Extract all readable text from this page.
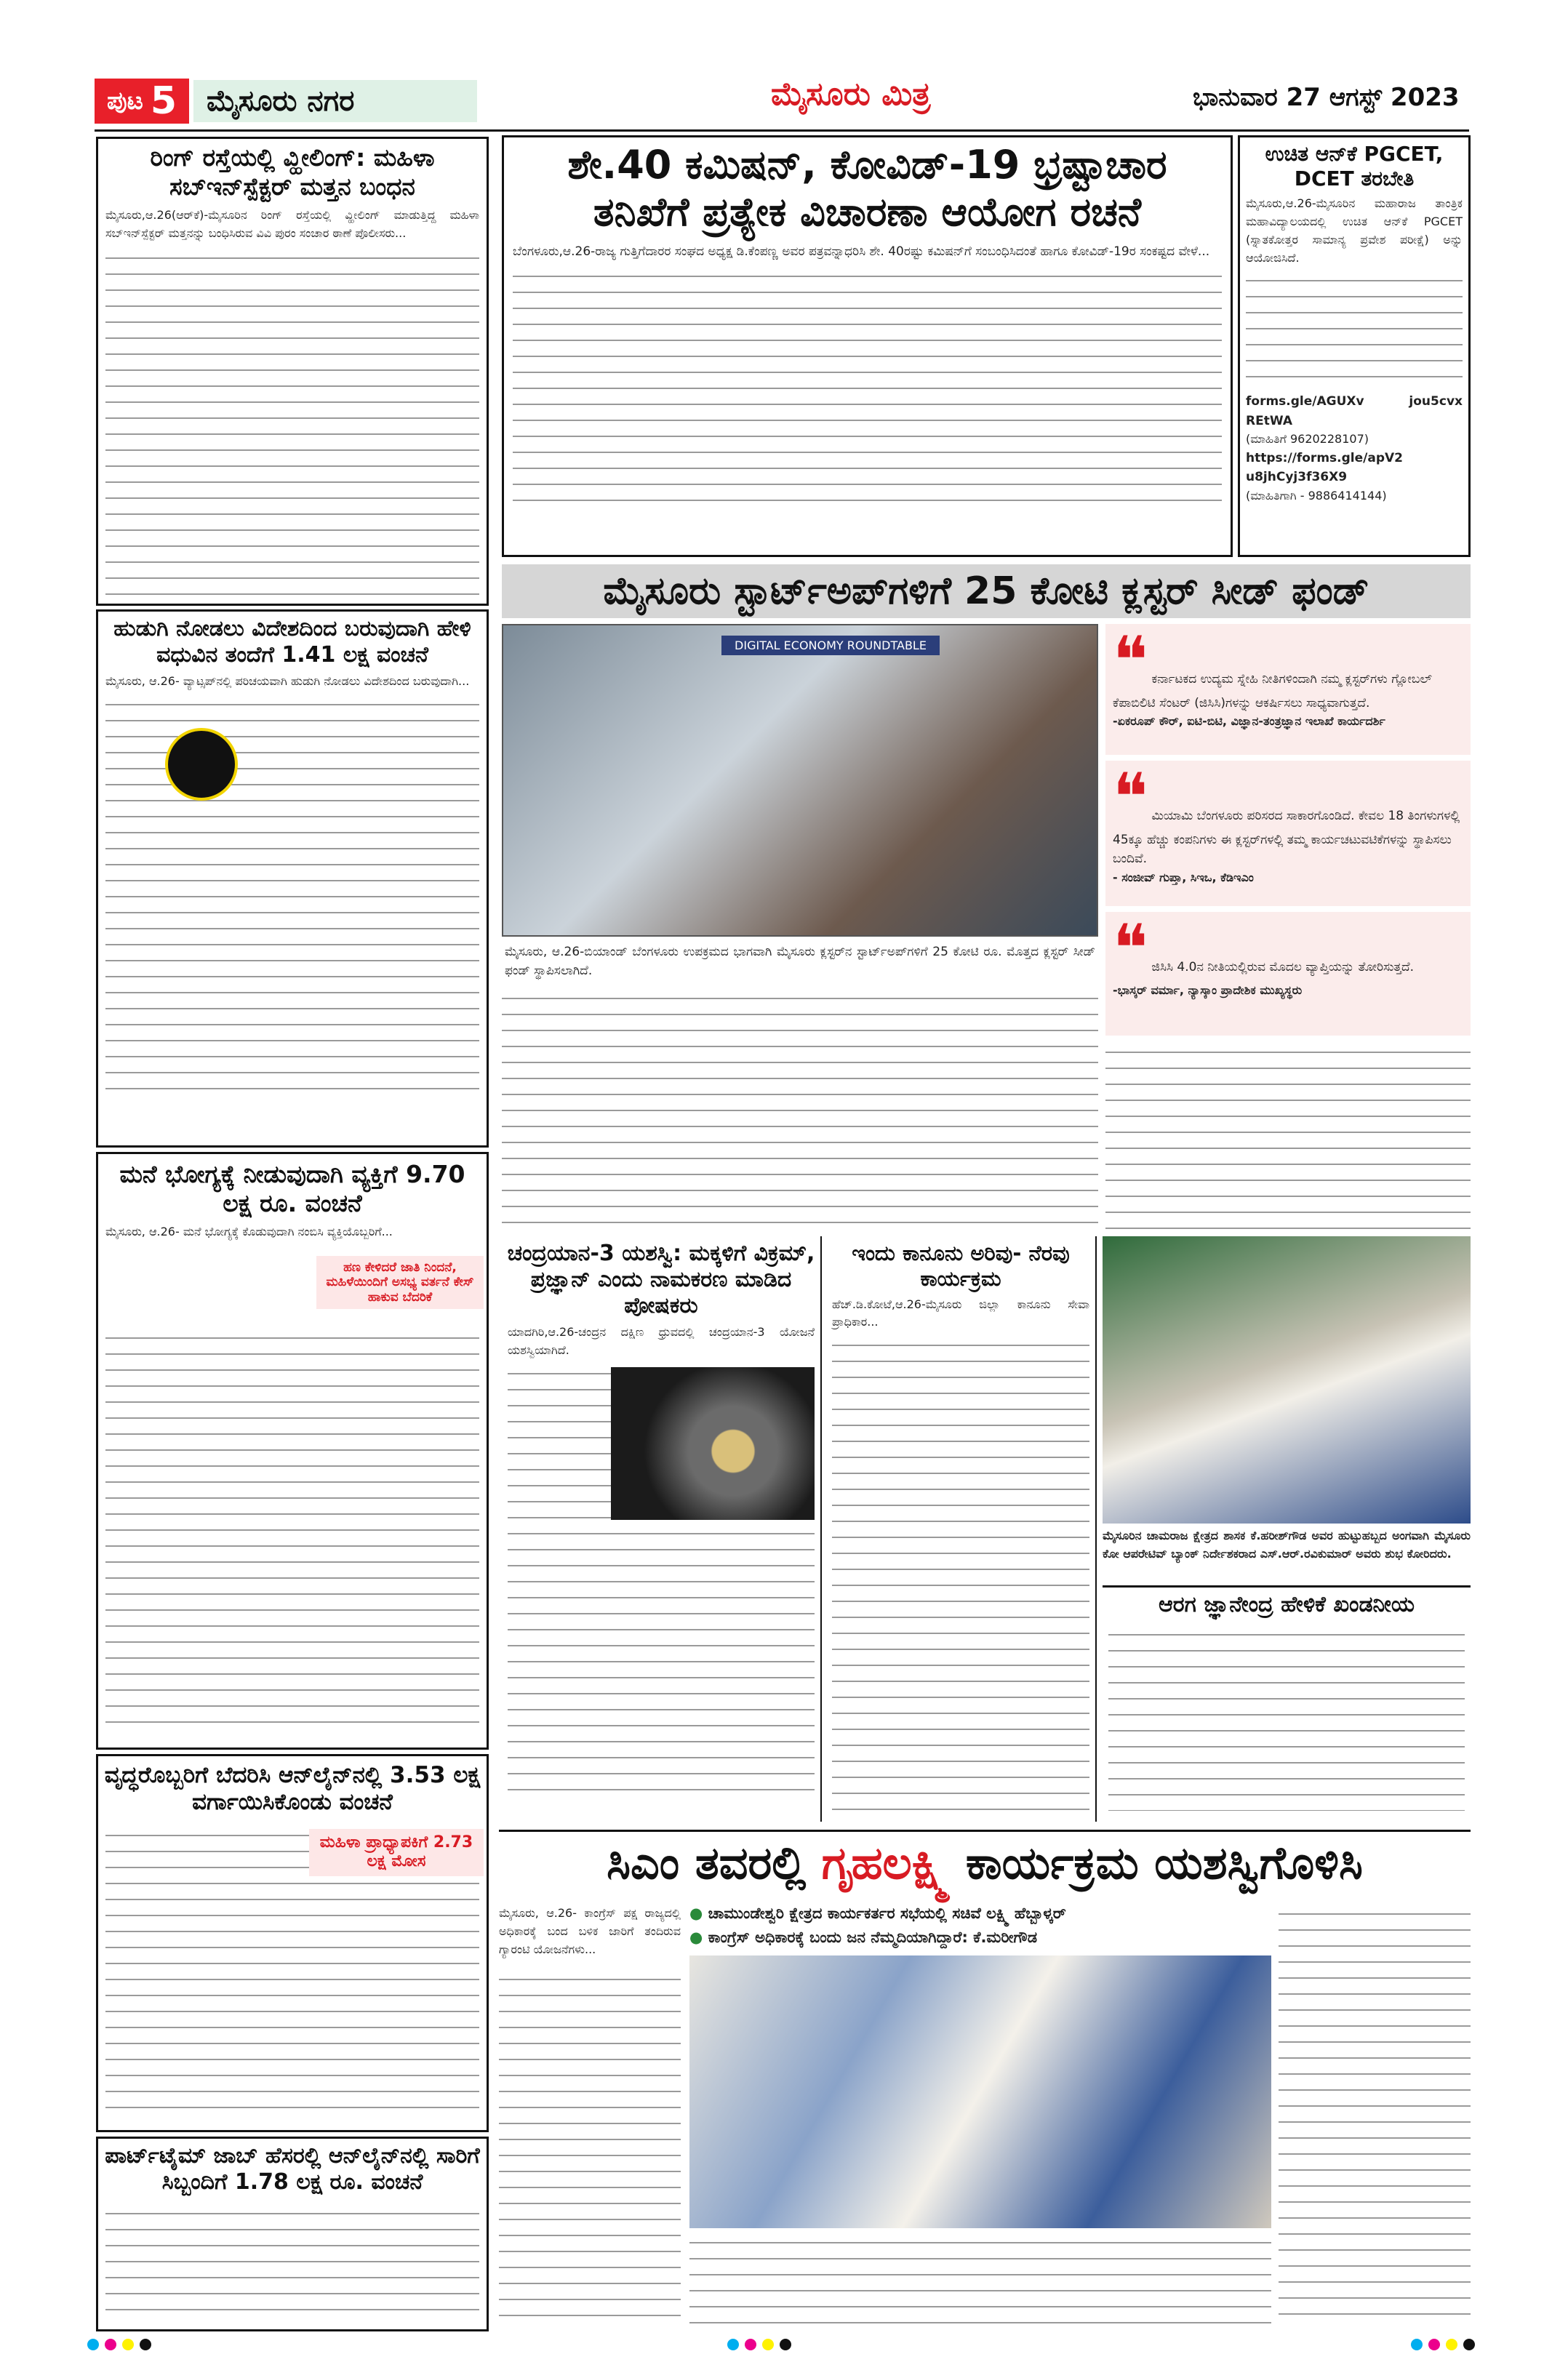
ಪುಟ 5	ಮೈಸೂರು ನಗರ	ಮೈಸೂರು ಮಿತ್ರ	ಭಾನುವಾರ 27 ಆಗಸ್ಟ್ 2023
ರಿಂಗ್ ರಸ್ತೆಯಲ್ಲಿ ವ್ಹೀಲಿಂಗ್: ಮಹಿಳಾ ಸಬ್‌ಇನ್‌ಸ್ಪೆಕ್ಟರ್ ಮತ್ತನ ಬಂಧನ
ಮೈಸೂರು,ಆ.26(ಆರ್‌ಕೆ)-ಮೈಸೂರಿನ ರಿಂಗ್ ರಸ್ತೆಯಲ್ಲಿ ವ್ಹೀಲಿಂಗ್ ಮಾಡುತ್ತಿದ್ದ ಮಹಿಳಾ ಸಬ್‌ಇನ್‌ಸ್ಪೆಕ್ಟರ್ ಮತ್ತನನ್ನು ಬಂಧಿಸಿರುವ ವಿವಿ ಪುರಂ ಸಂಚಾರ ಠಾಣೆ ಪೊಲೀಸರು...
ಹುಡುಗಿ ನೋಡಲು ವಿದೇಶದಿಂದ ಬರುವುದಾಗಿ ಹೇಳಿ ವಧುವಿನ ತಂದೆಗೆ 1.41 ಲಕ್ಷ ವಂಚನೆ
ಮೈಸೂರು, ಆ.26- ವ್ಯಾಟ್ಸಪ್‌ನಲ್ಲಿ ಪರಿಚಯವಾಗಿ ಹುಡುಗಿ ನೋಡಲು ವಿದೇಶದಿಂದ ಬರುವುದಾಗಿ...
ಮನೆ ಭೋಗ್ಯಕ್ಕೆ ನೀಡುವುದಾಗಿ ವ್ಯಕ್ತಿಗೆ 9.70 ಲಕ್ಷ ರೂ. ವಂಚನೆ
ಮೈಸೂರು, ಆ.26- ಮನೆ ಭೋಗ್ಯಕ್ಕೆ ಕೊಡುವುದಾಗಿ ನಂಬಿಸಿ ವ್ಯಕ್ತಿಯೊಬ್ಬರಿಗೆ...
ಹಣ ಕೇಳಿದರೆ ಜಾತಿ ನಿಂದನೆ, ಮಹಿಳೆಯಿಂದಿಗೆ ಅಸಭ್ಯ ವರ್ತನೆ ಕೇಸ್ ಹಾಕುವ ಬೆದರಿಕೆ
ವೃದ್ಧರೊಬ್ಬರಿಗೆ ಬೆದರಿಸಿ ಆನ್‌ಲೈನ್‌ನಲ್ಲಿ 3.53 ಲಕ್ಷ ವರ್ಗಾಯಿಸಿಕೊಂಡು ವಂಚನೆ
ಮಹಿಳಾ ಪ್ರಾಧ್ಯಾಪಕಿಗೆ 2.73 ಲಕ್ಷ ಮೋಸ
ಪಾರ್ಟ್‌ಟೈಮ್ ಜಾಬ್ ಹೆಸರಲ್ಲಿ ಆನ್‌ಲೈನ್‌ನಲ್ಲಿ ಸಾರಿಗೆ ಸಿಬ್ಬಂದಿಗೆ 1.78 ಲಕ್ಷ ರೂ. ವಂಚನೆ
ಶೇ.40 ಕಮಿಷನ್, ಕೋವಿಡ್-19 ಭ್ರಷ್ಟಾಚಾರ
ತನಿಖೆಗೆ ಪ್ರತ್ಯೇಕ ವಿಚಾರಣಾ ಆಯೋಗ ರಚನೆ
ಬೆಂಗಳೂರು,ಆ.26-ರಾಜ್ಯ ಗುತ್ತಿಗೆದಾರರ ಸಂಘದ ಅಧ್ಯಕ್ಷ ಡಿ.ಕೆಂಪಣ್ಣ ಅವರ ಪತ್ರವನ್ನಾಧರಿಸಿ ಶೇ. 40ರಷ್ಟು ಕಮಿಷನ್‌ಗೆ ಸಂಬಂಧಿಸಿದಂತೆ ಹಾಗೂ ಕೋವಿಡ್-19ರ ಸಂಕಷ್ಟದ ವೇಳೆ...
ಉಚಿತ ಆನ್‌ಕೆ PGCET, DCET ತರಬೇತಿ
ಮೈಸೂರು,ಆ.26-ಮೈಸೂರಿನ ಮಹಾರಾಜ ತಾಂತ್ರಿಕ ಮಹಾವಿದ್ಯಾಲಯದಲ್ಲಿ ಉಚಿತ ಆನ್‌ಕೆ PGCET (ಸ್ನಾತಕೋತ್ತರ ಸಾಮಾನ್ಯ ಪ್ರವೇಶ ಪರೀಕ್ಷೆ) ಅನ್ನು ಆಯೋಜಿಸಿದೆ.
forms.gle/AGUXv jou5cvx REtWA
(ಮಾಹಿತಿಗೆ 9620228107)
https://forms.gle/apV2 u8jhCyj3f36X9
(ಮಾಹಿತಿಗಾಗಿ - 9886414144)
ಮೈಸೂರು ಸ್ಟಾರ್ಟ್‌ಅಪ್‌ಗಳಿಗೆ 25 ಕೋಟಿ ಕ್ಲಸ್ಟರ್ ಸೀಡ್ ಫಂಡ್
DIGITAL ECONOMY ROUNDTABLE
ಮೈಸೂರು, ಆ.26-ಬಿಯಾಂಡ್ ಬೆಂಗಳೂರು ಉಪಕ್ರಮದ ಭಾಗವಾಗಿ ಮೈಸೂರು ಕ್ಲಸ್ಟರ್‌ನ ಸ್ಟಾರ್ಟ್‌ಅಪ್‌ಗಳಿಗೆ 25 ಕೋಟಿ ರೂ. ಮೊತ್ತದ ಕ್ಲಸ್ಟರ್ ಸೀಡ್ ಫಂಡ್ ಸ್ಥಾಪಿಸಲಾಗಿದೆ.
❝ ಕರ್ನಾಟಕದ ಉದ್ಯಮ ಸ್ನೇಹಿ ನೀತಿಗಳಿಂದಾಗಿ ನಮ್ಮ ಕ್ಲಸ್ಟರ್‌ಗಳು ಗ್ಲೋಬಲ್ ಕೆಪಾಬಿಲಿಟಿ ಸೆಂಟರ್ (ಜಿಸಿಸಿ)ಗಳನ್ನು ಆಕರ್ಷಿಸಲು ಸಾಧ್ಯವಾಗುತ್ತದೆ.
-ಏಕರೂಪ್ ಕೌರ್, ಐಟಿ-ಬಿಟಿ, ವಿಜ್ಞಾನ-ತಂತ್ರಜ್ಞಾನ ಇಲಾಖೆ ಕಾರ್ಯದರ್ಶಿ
❝ ಮಿಯಾಮಿ ಬೆಂಗಳೂರು ಪರಿಸರದ ಸಾಕಾರಗೊಂಡಿದೆ. ಕೇವಲ 18 ತಿಂಗಳುಗಳಲ್ಲಿ 45ಕ್ಕೂ ಹೆಚ್ಚು ಕಂಪನಿಗಳು ಈ ಕ್ಲಸ್ಟರ್‌ಗಳಲ್ಲಿ ತಮ್ಮ ಕಾರ್ಯಚಟುವಟಿಕೆಗಳನ್ನು ಸ್ಥಾಪಿಸಲು ಬಂದಿವೆ.
- ಸಂಜೀವ್ ಗುಪ್ತಾ, ಸಿಇಒ, ಕೆಡಿಇಎಂ
❝ ಜಿಸಿಸಿ 4.0ನ ನೀತಿಯಲ್ಲಿರುವ ಮೊದಲ ವ್ಯಾಪ್ತಿಯನ್ನು ತೋರಿಸುತ್ತದೆ.
-ಭಾಸ್ಕರ್ ವರ್ಮಾ, ನ್ಯಾಸ್ಕಾಂ ಪ್ರಾದೇಶಿಕ ಮುಖ್ಯಸ್ಥರು
ಚಂದ್ರಯಾನ-3 ಯಶಸ್ವಿ: ಮಕ್ಕಳಿಗೆ ವಿಕ್ರಮ್, ಪ್ರಜ್ಞಾನ್ ಎಂದು ನಾಮಕರಣ ಮಾಡಿದ ಪೋಷಕರು
ಯಾದಗಿರಿ,ಆ.26-ಚಂದ್ರನ ದಕ್ಷಿಣ ಧ್ರುವದಲ್ಲಿ ಚಂದ್ರಯಾನ-3 ಯೋಜನೆ ಯಶಸ್ವಿಯಾಗಿದೆ.
ಇಂದು ಕಾನೂನು ಅರಿವು- ನೆರವು ಕಾರ್ಯಕ್ರಮ
ಹೆಚ್.ಡಿ.ಕೋಟೆ,ಆ.26-ಮೈಸೂರು ಜಿಲ್ಲಾ ಕಾನೂನು ಸೇವಾ ಪ್ರಾಧಿಕಾರ...
ಮೈಸೂರಿನ ಚಾಮರಾಜ ಕ್ಷೇತ್ರದ ಶಾಸಕ ಕೆ.ಹರೀಶ್‌ಗೌಡ ಅವರ ಹುಟ್ಟುಹಬ್ಬದ ಅಂಗವಾಗಿ ಮೈಸೂರು ಕೋ ಆಪರೇಟಿವ್ ಬ್ಯಾಂಕ್ ನಿರ್ದೇಶಕರಾದ ಎಸ್.ಆರ್.ರವಿಕುಮಾರ್ ಅವರು ಶುಭ ಕೋರಿದರು.
ಆರಗ ಜ್ಞಾನೇಂದ್ರ ಹೇಳಿಕೆ ಖಂಡನೀಯ
ಸಿಎಂ ತವರಲ್ಲಿ ಗೃಹಲಕ್ಷ್ಮಿ ಕಾರ್ಯಕ್ರಮ ಯಶಸ್ವಿಗೊಳಿಸಿ
ಮೈಸೂರು, ಆ.26- ಕಾಂಗ್ರೆಸ್ ಪಕ್ಷ ರಾಜ್ಯದಲ್ಲಿ ಅಧಿಕಾರಕ್ಕೆ ಬಂದ ಬಳಿಕ ಜಾರಿಗೆ ತಂದಿರುವ ಗ್ಯಾರಂಟಿ ಯೋಜನೆಗಳು...
● ಚಾಮುಂಡೇಶ್ವರಿ ಕ್ಷೇತ್ರದ ಕಾರ್ಯಕರ್ತರ ಸಭೆಯಲ್ಲಿ ಸಚಿವೆ ಲಕ್ಷ್ಮಿ ಹೆಬ್ಬಾಳ್ಕರ್
● ಕಾಂಗ್ರೆಸ್ ಅಧಿಕಾರಕ್ಕೆ ಬಂದು ಜನ ನೆಮ್ಮದಿಯಾಗಿದ್ದಾರೆ: ಕೆ.ಮರೀಗೌಡ
